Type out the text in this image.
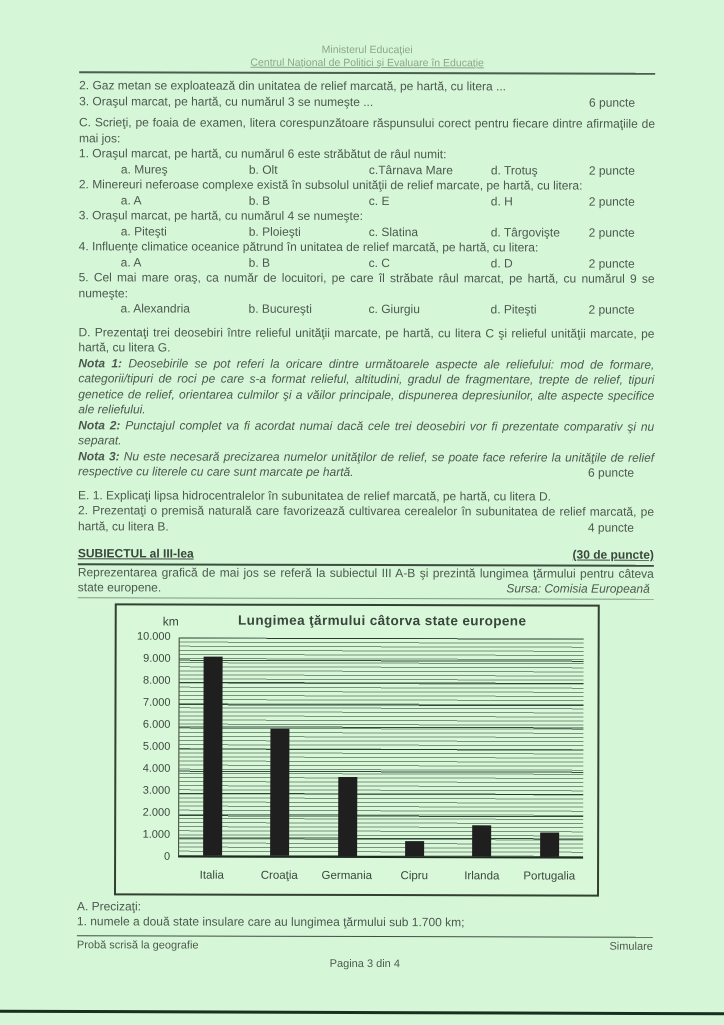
Ministerul Educaţiei
Centrul Naţional de Politici şi Evaluare în Educaţie
2. Gaz metan se exploatează din unitatea de relief marcată, pe hartă, cu litera ...
3. Oraşul marcat, pe hartă, cu numărul 3 se numeşte ...	6 puncte
C. Scrieţi, pe foaia de examen, litera corespunzătoare răspunsului corect pentru fiecare dintre afirmaţiile de mai jos:
1. Oraşul marcat, pe hartă, cu numărul 6 este străbătut de râul numit:
a. Mureş	b. Olt	c.Târnava Mare	d. Trotuş	2 puncte
2. Minereuri neferoase complexe există în subsolul unităţii de relief marcate, pe hartă, cu litera:
a. A	b. B	c. E	d. H	2 puncte
3. Oraşul marcat, pe hartă, cu numărul 4 se numeşte:
a. Piteşti	b. Ploieşti	c. Slatina	d. Târgovişte 2 puncte
4. Influenţe climatice oceanice pătrund în unitatea de relief marcată, pe hartă, cu litera:
a. A	b. B	c. C	d. D	2 puncte
5. Cel mai mare oraş, ca număr de locuitori, pe care îl străbate râul marcat, pe hartă, cu numărul 9 se numeşte:
a. Alexandria	b. Bucureşti	c. Giurgiu	d. Piteşti	2 puncte
D. Prezentaţi trei deosebiri între relieful unităţii marcate, pe hartă, cu litera C şi relieful unităţii marcate, pe hartă, cu litera G.
Nota 1: Deosebirile se pot referi la oricare dintre următoarele aspecte ale reliefului: mod de formare, categorii/tipuri de roci pe care s-a format relieful, altitudini, gradul de fragmentare, trepte de relief, tipuri genetice de relief, orientarea culmilor şi a văilor principale, dispunerea depresiunilor, alte aspecte specifice ale reliefului.
Nota 2: Punctajul complet va fi acordat numai dacă cele trei deosebiri vor fi prezentate comparativ şi nu separat.
Nota 3: Nu este necesară precizarea numelor unităţilor de relief, se poate face referire la unităţile de relief respective cu literele cu care sunt marcate pe hartă.	6 puncte
E. 1. Explicaţi lipsa hidrocentralelor în subunitatea de relief marcată, pe hartă, cu litera D.
2. Prezentaţi o premisă naturală care favorizează cultivarea cerealelor în subunitatea de relief marcată, pe hartă, cu litera B.	4 puncte
SUBIECTUL al III-lea	(30 de puncte)
Reprezentarea grafică de mai jos se referă la subiectul III A-B şi prezintă lungimea ţărmului pentru câteva state europene.	Sursa: Comisia Europeană
km	Lungimea ţărmului câtorva state europene
10.000
9.000
8.000
7.000
6.000
5.000
4.000
3.000
2.000
1.000
0
Italia	Croaţia	Germania	Cipru	Irlanda	Portugalia
A. Precizaţi:
1. numele a două state insulare care au lungimea ţărmului sub 1.700 km;
Probă scrisă la geografie	Simulare
Pagina 3 din 4
